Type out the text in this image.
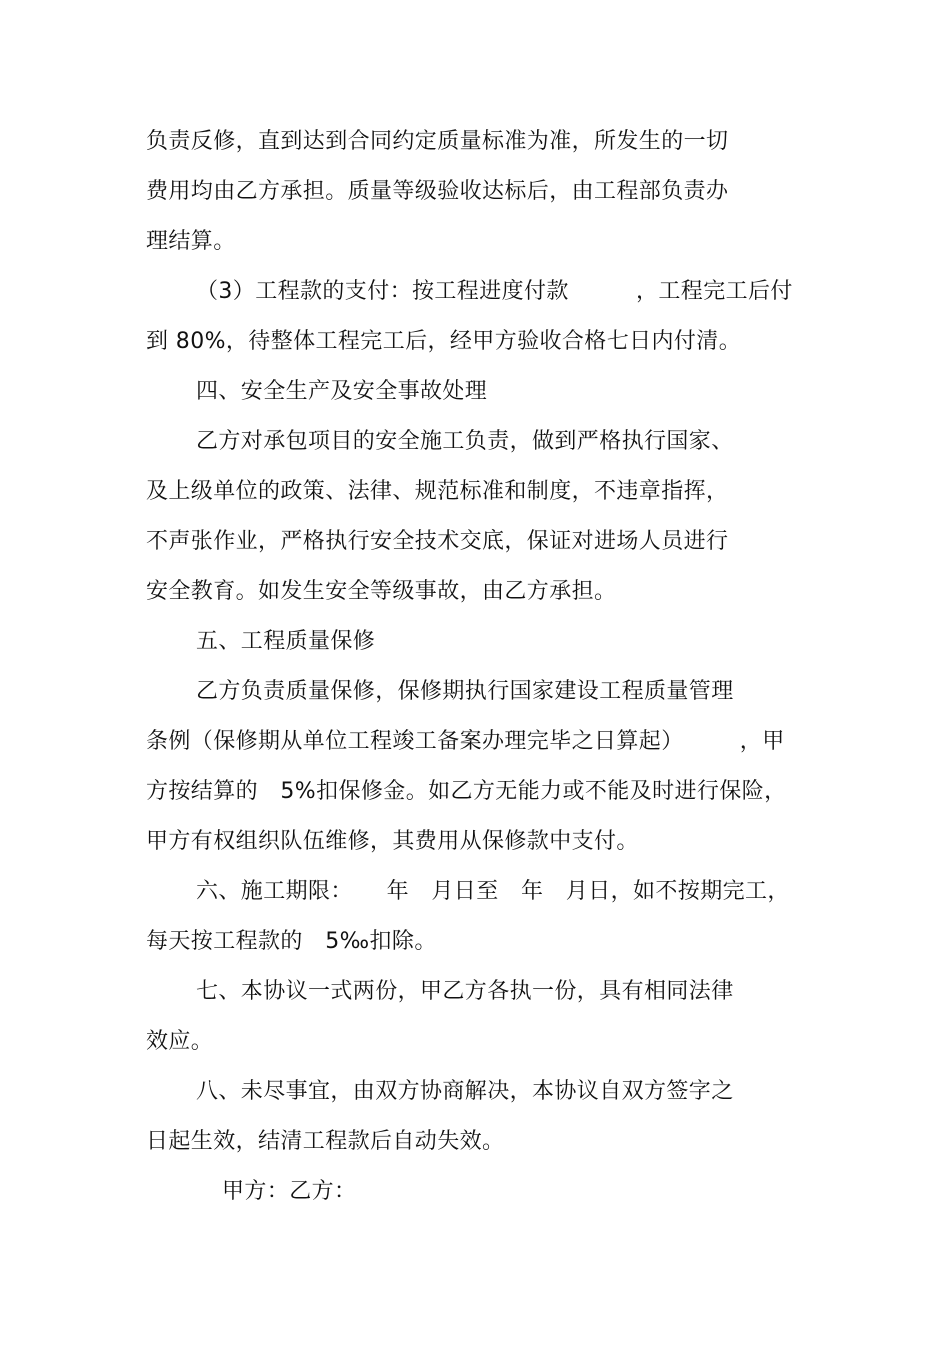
负责反修，直到达到合同约定质量标准为准，所发生的一切
费用均由乙方承担。质量等级验收达标后，由工程部负责办
理结算。
（3）工程款的支付：按工程进度付款　　　，工程完工后付
到 80%，待整体工程完工后，经甲方验收合格七日内付清。
四、安全生产及安全事故处理
乙方对承包项目的安全施工负责，做到严格执行国家、
及上级单位的政策、法律、规范标准和制度，不违章指挥，
不声张作业，严格执行安全技术交底，保证对进场人员进行
安全教育。如发生安全等级事故，由乙方承担。
五、工程质量保修
乙方负责质量保修，保修期执行国家建设工程质量管理
条例（保修期从单位工程竣工备案办理完毕之日算起）　　　，甲
方按结算的　5%扣保修金。如乙方无能力或不能及时进行保险，
甲方有权组织队伍维修，其费用从保修款中支付。
六、施工期限：　　年　月日至　年　月日，如不按期完工，
每天按工程款的　5‰扣除。
七、本协议一式两份，甲乙方各执一份，具有相同法律
效应。
八、未尽事宜，由双方协商解决，本协议自双方签字之
日起生效，结清工程款后自动失效。
甲方：乙方：
